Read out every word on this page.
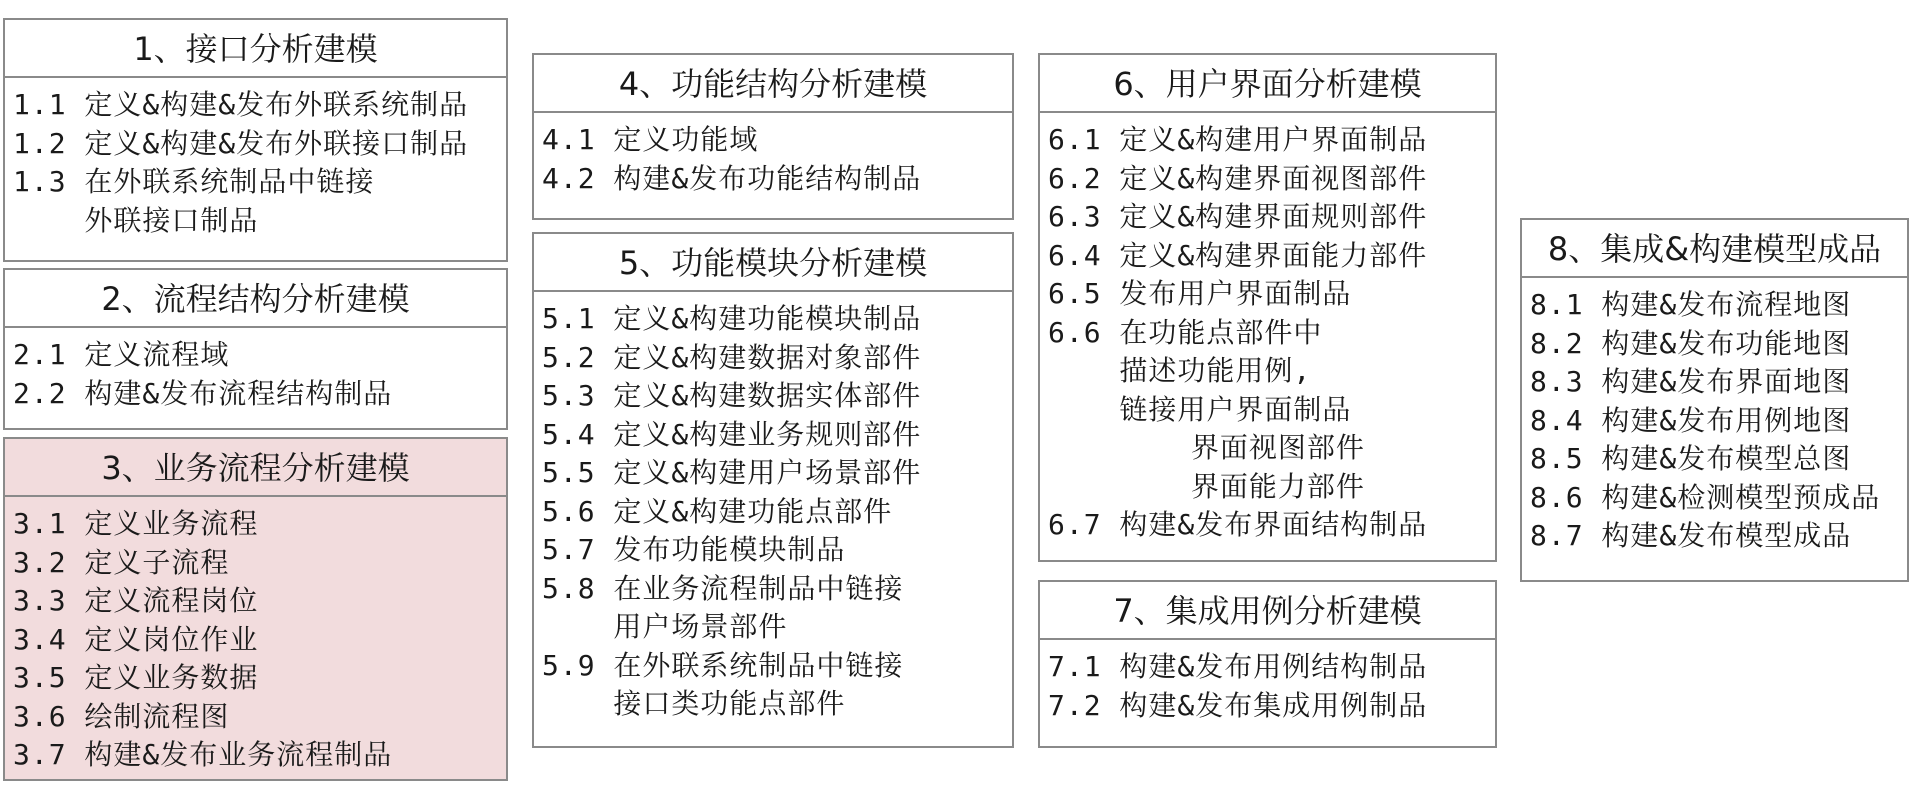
1、接口分析建模
1.1 定义&构建&发布外联系统制品
1.2 定义&构建&发布外联接口制品
1.3 在外联系统制品中链接
外联接口制品
2、流程结构分析建模
2.1 定义流程域
2.2 构建&发布流程结构制品
3、业务流程分析建模
3.1 定义业务流程
3.2 定义子流程
3.3 定义流程岗位
3.4 定义岗位作业
3.5 定义业务数据
3.6 绘制流程图
3.7 构建&发布业务流程制品
4、功能结构分析建模
4.1 定义功能域
4.2 构建&发布功能结构制品
5、功能模块分析建模
5.1 定义&构建功能模块制品
5.2 定义&构建数据对象部件
5.3 定义&构建数据实体部件
5.4 定义&构建业务规则部件
5.5 定义&构建用户场景部件
5.6 定义&构建功能点部件
5.7 发布功能模块制品
5.8 在业务流程制品中链接
用户场景部件
5.9 在外联系统制品中链接
接口类功能点部件
6、用户界面分析建模
6.1 定义&构建用户界面制品
6.2 定义&构建界面视图部件
6.3 定义&构建界面规则部件
6.4 定义&构建界面能力部件
6.5 发布用户界面制品
6.6 在功能点部件中
描述功能用例,
链接用户界面制品
界面视图部件
界面能力部件
6.7 构建&发布界面结构制品
7、集成用例分析建模
7.1 构建&发布用例结构制品
7.2 构建&发布集成用例制品
8、集成&构建模型成品
8.1 构建&发布流程地图
8.2 构建&发布功能地图
8.3 构建&发布界面地图
8.4 构建&发布用例地图
8.5 构建&发布模型总图
8.6 构建&检测模型预成品
8.7 构建&发布模型成品
